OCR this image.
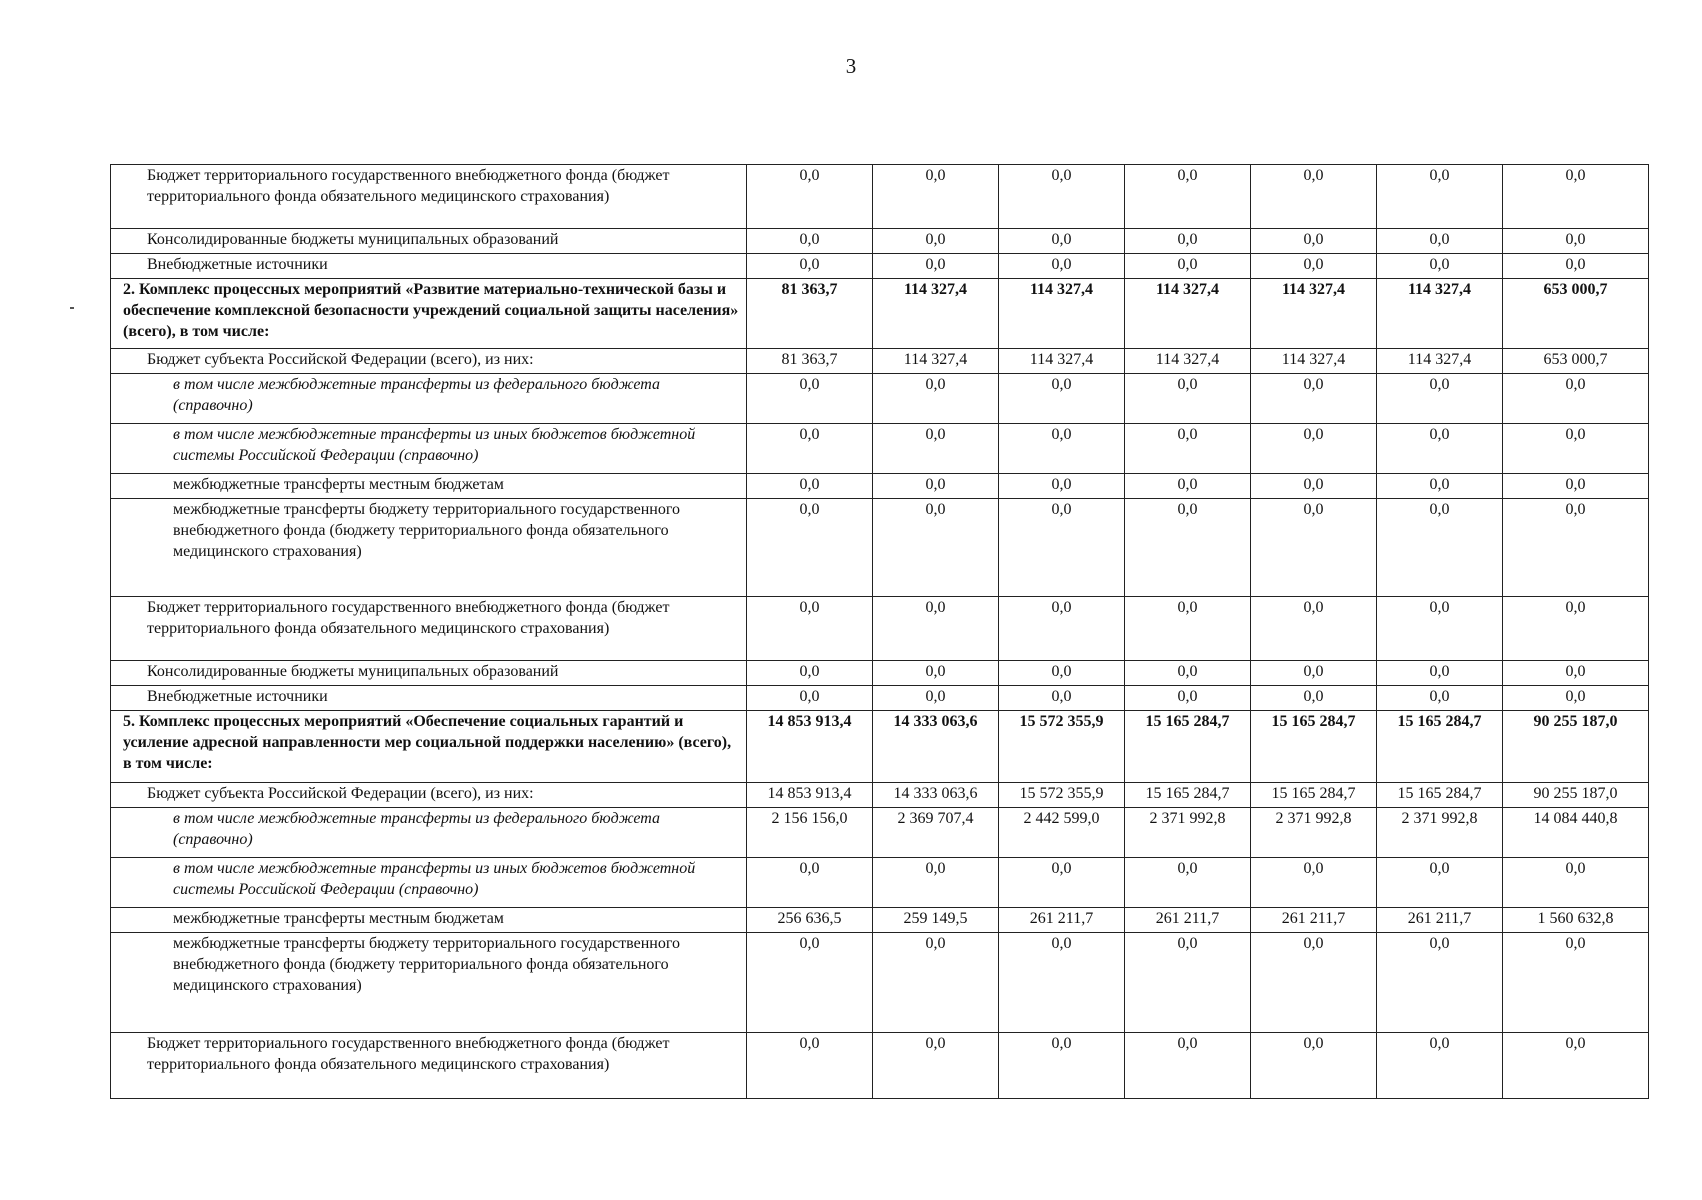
3
Бюджет территориального государственного внебюджетного фонда (бюджет территориального фонда обязательного медицинского страхования)	0,0	0,0	0,0	0,0	0,0	0,0	0,0
Консолидированные бюджеты муниципальных образований	0,0	0,0	0,0	0,0	0,0	0,0	0,0
Внебюджетные источники	0,0	0,0	0,0	0,0	0,0	0,0	0,0
2. Комплекс процессных мероприятий «Развитие материально-технической базы и обеспечение комплексной безопасности учреждений социальной защиты населения» (всего), в том числе:	81 363,7	114 327,4	114 327,4	114 327,4	114 327,4	114 327,4	653 000,7
Бюджет субъекта Российской Федерации (всего), из них:	81 363,7	114 327,4	114 327,4	114 327,4	114 327,4	114 327,4	653 000,7
в том числе межбюджетные трансферты из федерального бюджета (справочно)	0,0	0,0	0,0	0,0	0,0	0,0	0,0
в том числе межбюджетные трансферты из иных бюджетов бюджетной системы Российской Федерации (справочно)	0,0	0,0	0,0	0,0	0,0	0,0	0,0
межбюджетные трансферты местным бюджетам	0,0	0,0	0,0	0,0	0,0	0,0	0,0
межбюджетные трансферты бюджету территориального государственного внебюджетного фонда (бюджету территориального фонда обязательного медицинского страхования)	0,0	0,0	0,0	0,0	0,0	0,0	0,0
Бюджет территориального государственного внебюджетного фонда (бюджет территориального фонда обязательного медицинского страхования)	0,0	0,0	0,0	0,0	0,0	0,0	0,0
Консолидированные бюджеты муниципальных образований	0,0	0,0	0,0	0,0	0,0	0,0	0,0
Внебюджетные источники	0,0	0,0	0,0	0,0	0,0	0,0	0,0
5. Комплекс процессных мероприятий «Обеспечение социальных гарантий и усиление адресной направленности мер социальной поддержки населению» (всего), в том числе:	14 853 913,4	14 333 063,6	15 572 355,9	15 165 284,7	15 165 284,7	15 165 284,7	90 255 187,0
Бюджет субъекта Российской Федерации (всего), из них:	14 853 913,4	14 333 063,6	15 572 355,9	15 165 284,7	15 165 284,7	15 165 284,7	90 255 187,0
в том числе межбюджетные трансферты из федерального бюджета (справочно)	2 156 156,0	2 369 707,4	2 442 599,0	2 371 992,8	2 371 992,8	2 371 992,8	14 084 440,8
в том числе межбюджетные трансферты из иных бюджетов бюджетной системы Российской Федерации (справочно)	0,0	0,0	0,0	0,0	0,0	0,0	0,0
межбюджетные трансферты местным бюджетам	256 636,5	259 149,5	261 211,7	261 211,7	261 211,7	261 211,7	1 560 632,8
межбюджетные трансферты бюджету территориального государственного внебюджетного фонда (бюджету территориального фонда обязательного медицинского страхования)	0,0	0,0	0,0	0,0	0,0	0,0	0,0
Бюджет территориального государственного внебюджетного фонда (бюджет территориального фонда обязательного медицинского страхования)	0,0	0,0	0,0	0,0	0,0	0,0	0,0
